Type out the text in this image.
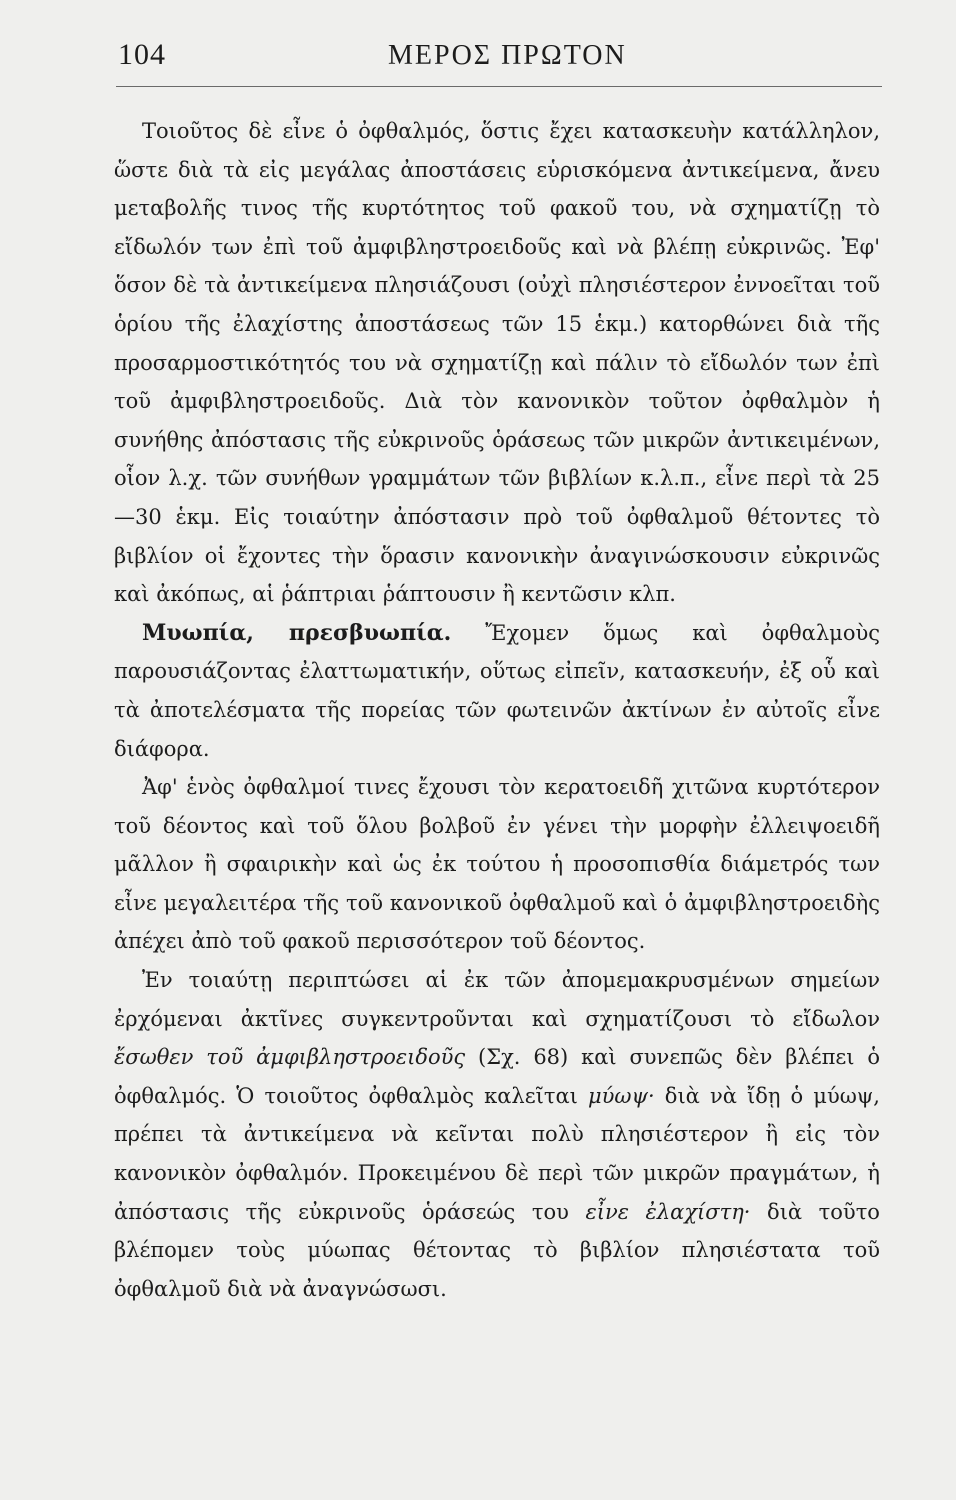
104	ΜΕΡΟΣ ΠΡΩΤΟΝ

Τοιοῦτος δὲ εἶνε ὁ ὀφθαλμός, ὅστις ἔχει κατασκευὴν κατάλληλον, ὥστε διὰ τὰ εἰς μεγάλας ἀποστάσεις εὑρισκόμενα ἀντικείμενα, ἄνευ μεταβολῆς τινος τῆς κυρτότητος τοῦ φακοῦ του, νὰ σχηματίζῃ τὸ εἴδωλόν των ἐπὶ τοῦ ἀμφιβληστροειδοῦς καὶ νὰ βλέπῃ εὐκρινῶς. Ἐφ' ὅσον δὲ τὰ ἀντικείμενα πλησιάζουσι (οὐχὶ πλησιέστερον ἐννοεῖται τοῦ ὁρίου τῆς ἐλαχίστης ἀποστάσεως τῶν 15 ἑκμ.) κατορθώνει διὰ τῆς προσαρμοστικότητός του νὰ σχηματίζῃ καὶ πάλιν τὸ εἴδωλόν των ἐπὶ τοῦ ἀμφιβληστροειδοῦς. Διὰ τὸν κανονικὸν τοῦτον ὀφθαλμὸν ἡ συνήθης ἀπόστασις τῆς εὐκρινοῦς ὁράσεως τῶν μικρῶν ἀντικειμένων, οἷον λ.χ. τῶν συνήθων γραμμάτων τῶν βιβλίων κ.λ.π., εἶνε περὶ τὰ 25—30 ἑκμ. Εἰς τοιαύτην ἀπόστασιν πρὸ τοῦ ὀφθαλμοῦ θέτοντες τὸ βιβλίον οἱ ἔχοντες τὴν ὅρασιν κανονικὴν ἀναγινώσκουσιν εὐκρινῶς καὶ ἀκόπως, αἱ ῥάπτριαι ῥάπτουσιν ἢ κεντῶσιν κλπ.

Μυωπία, πρεσβυωπία. Ἔχομεν ὅμως καὶ ὀφθαλμοὺς παρουσιάζοντας ἐλαττωματικήν, οὕτως εἰπεῖν, κατασκευήν, ἐξ οὗ καὶ τὰ ἀποτελέσματα τῆς πορείας τῶν φωτεινῶν ἀκτίνων ἐν αὐτοῖς εἶνε διάφορα.

Ἀφ' ἑνὸς ὀφθαλμοί τινες ἔχουσι τὸν κερατοειδῆ χιτῶνα κυρτότερον τοῦ δέοντος καὶ τοῦ ὅλου βολβοῦ ἐν γένει τὴν μορφὴν ἐλλειψοειδῆ μᾶλλον ἢ σφαιρικὴν καὶ ὡς ἐκ τούτου ἡ προσοπισθία διάμετρός των εἶνε μεγαλειτέρα τῆς τοῦ κανονικοῦ ὀφθαλμοῦ καὶ ὁ ἀμφιβληστροειδὴς ἀπέχει ἀπὸ τοῦ φακοῦ περισσότερον τοῦ δέοντος.

Ἐν τοιαύτῃ περιπτώσει αἱ ἐκ τῶν ἀπομεμακρυσμένων σημείων ἐρχόμεναι ἀκτῖνες συγκεντροῦνται καὶ σχηματίζουσι τὸ εἴδωλον ἔσωθεν τοῦ ἀμφιβληστροειδοῦς (Σχ. 68) καὶ συνεπῶς δὲν βλέπει ὁ ὀφθαλμός. Ὁ τοιοῦτος ὀφθαλμὸς καλεῖται μύωψ· διὰ νὰ ἴδῃ ὁ μύωψ, πρέπει τὰ ἀντικείμενα νὰ κεῖνται πολὺ πλησιέστερον ἢ εἰς τὸν κανονικὸν ὀφθαλμόν. Προκειμένου δὲ περὶ τῶν μικρῶν πραγμάτων, ἡ ἀπόστασις τῆς εὐκρινοῦς ὁράσεώς του εἶνε ἐλαχίστη· διὰ τοῦτο βλέπομεν τοὺς μύωπας θέτοντας τὸ βιβλίον πλησιέστατα τοῦ ὀφθαλμοῦ διὰ νὰ ἀναγνώσωσι.
